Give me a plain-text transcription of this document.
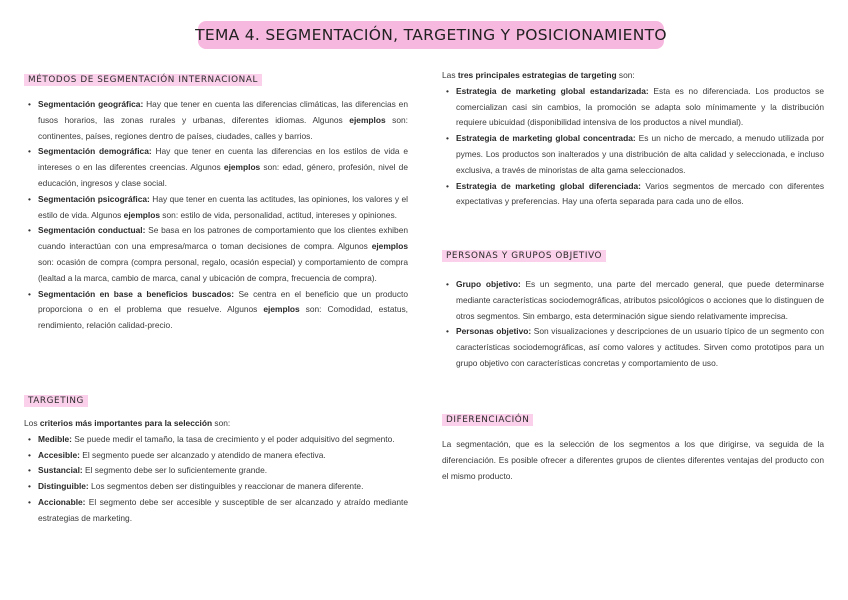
TEMA 4. SEGMENTACIÓN, TARGETING Y POSICIONAMIENTO
MÉTODOS DE SEGMENTACIÓN INTERNACIONAL
• Segmentación geográfica: Hay que tener en cuenta las diferencias climáticas, las diferencias en fusos horarios, las zonas rurales y urbanas, diferentes idiomas. Algunos ejemplos son: continentes, países, regiones dentro de países, ciudades, calles y barrios.
• Segmentación demográfica: Hay que tener en cuenta las diferencias en los estilos de vida e intereses o en las diferentes creencias. Algunos ejemplos son: edad, género, profesión, nivel de educación, ingresos y clase social.
• Segmentación psicográfica: Hay que tener en cuenta las actitudes, las opiniones, los valores y el estilo de vida. Algunos ejemplos son: estilo de vida, personalidad, actitud, intereses y opiniones.
• Segmentación conductual: Se basa en los patrones de comportamiento que los clientes exhiben cuando interactúan con una empresa/marca o toman decisiones de compra. Algunos ejemplos son: ocasión de compra (compra personal, regalo, ocasión especial) y comportamiento de compra (lealtad a la marca, cambio de marca, canal y ubicación de compra, frecuencia de compra).
• Segmentación en base a beneficios buscados: Se centra en el beneficio que un producto proporciona o en el problema que resuelve. Algunos ejemplos son: Comodidad, estatus, rendimiento, relación calidad-precio.
TARGETING

Los criterios más importantes para la selección son:

• Medible: Se puede medir el tamaño, la tasa de crecimiento y el poder adquisitivo del segmento.
• Accesible: El segmento puede ser alcanzado y atendido de manera efectiva.
• Sustancial: El segmento debe ser lo suficientemente grande.
• Distinguible: Los segmentos deben ser distinguibles y reaccionar de manera diferente.
• Accionable: El segmento debe ser accesible y susceptible de ser alcanzado y atraído mediante estrategias de marketing.

Las tres principales estrategias de targeting son:

• Estrategia de marketing global estandarizada: Esta es no diferenciada. Los productos se comercializan casi sin cambios, la promoción se adapta solo mínimamente y la distribución requiere ubicuidad (disponibilidad intensiva de los productos a nivel mundial).
• Estrategia de marketing global concentrada: Es un nicho de mercado, a menudo utilizada por pymes. Los productos son inalterados y una distribución de alta calidad y seleccionada, e incluso exclusiva, a través de minoristas de alta gama seleccionados.
• Estrategia de marketing global diferenciada: Varios segmentos de mercado con diferentes expectativas y preferencias. Hay una oferta separada para cada uno de ellos.
PERSONAS Y GRUPOS OBJETIVO
• Grupo objetivo: Es un segmento, una parte del mercado general, que puede determinarse mediante características sociodemográficas, atributos psicológicos o acciones que lo distinguen de otros segmentos. Sin embargo, esta determinación sigue siendo relativamente imprecisa.
• Personas objetivo: Son visualizaciones y descripciones de un usuario típico de un segmento con características sociodemográficas, así como valores y actitudes. Sirven como prototipos para un grupo objetivo con características concretas y comportamiento de uso.
DIFERENCIACIÓN

La segmentación, que es la selección de los segmentos a los que dirigirse, va seguida de la diferenciación. Es posible ofrecer a diferentes grupos de clientes diferentes ventajas del producto con el mismo producto.
